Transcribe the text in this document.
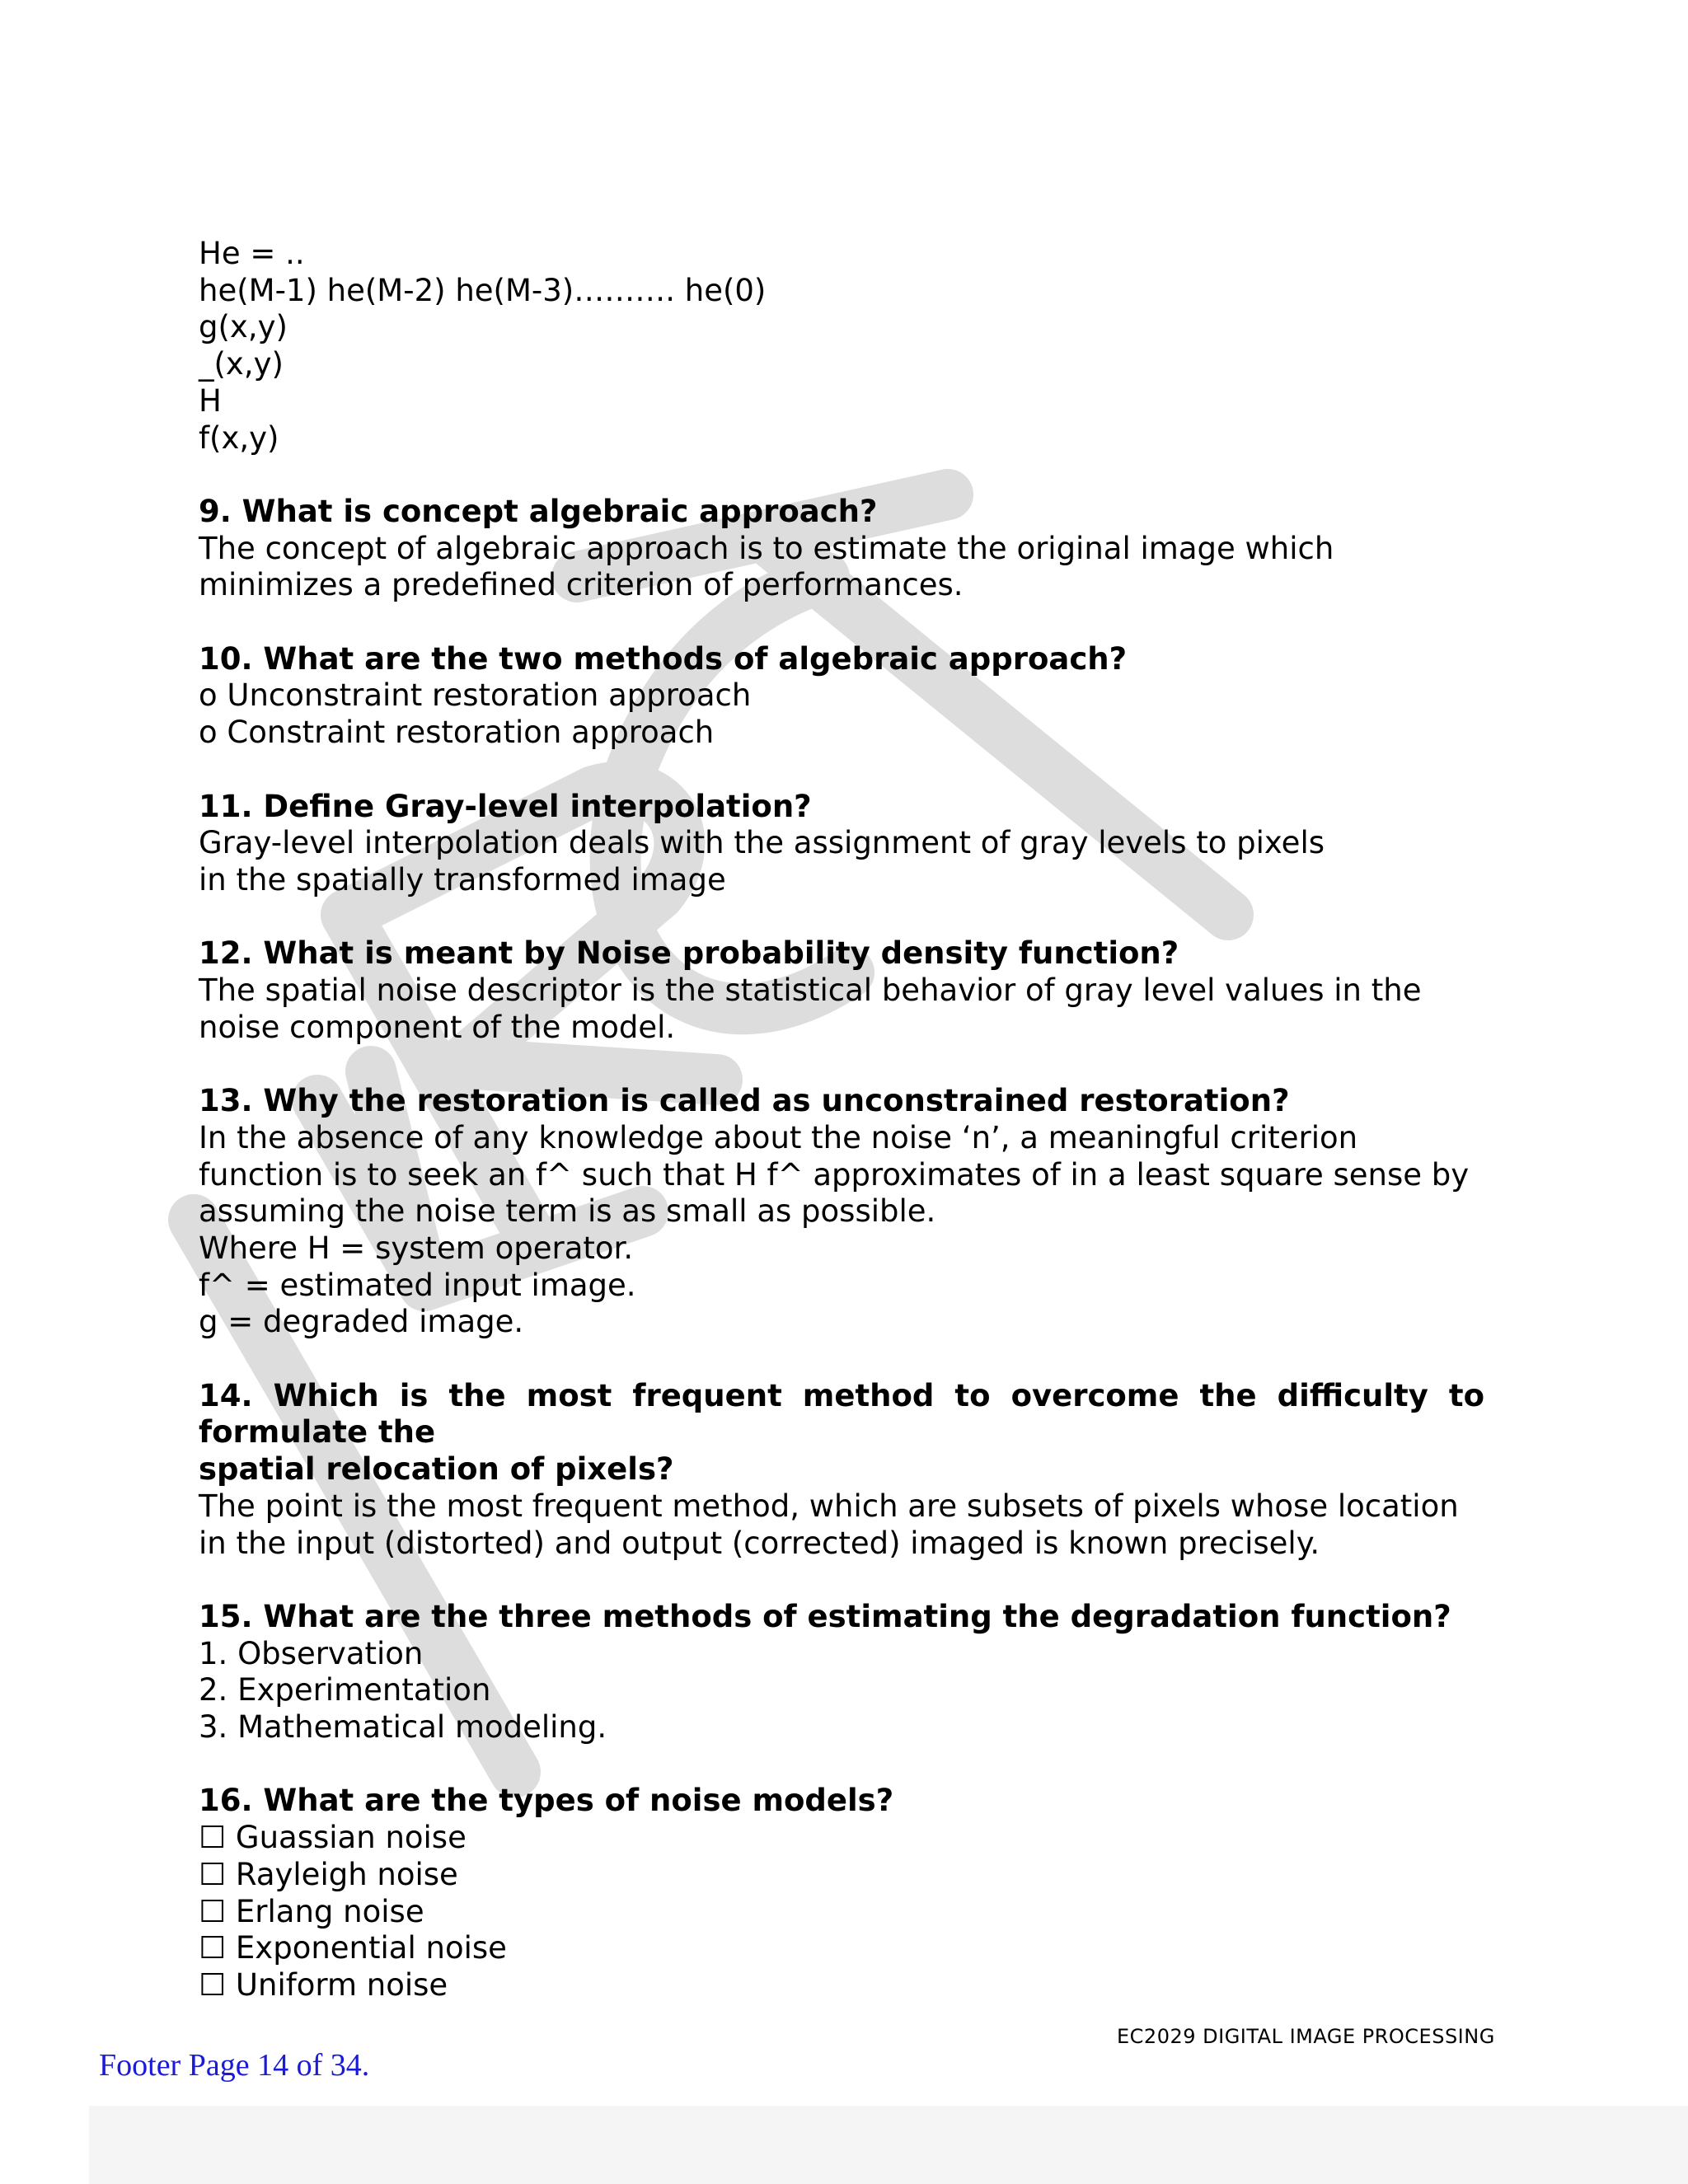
He = ..
he(M-1) he(M-2) he(M-3)………. he(0)
g(x,y)
_(x,y)
H
f(x,y)
9. What is concept algebraic approach?
The concept of algebraic approach is to estimate the original image which
minimizes a predefined criterion of performances.
10. What are the two methods of algebraic approach?
o Unconstraint restoration approach
o Constraint restoration approach
11. Define Gray-level interpolation?
Gray-level interpolation deals with the assignment of gray levels to pixels
in the spatially transformed image
12. What is meant by Noise probability density function?
The spatial noise descriptor is the statistical behavior of gray level values in the
noise component of the model.
13. Why the restoration is called as unconstrained restoration?
In the absence of any knowledge about the noise ‘n’, a meaningful criterion
function is to seek an f^ such that H f^ approximates of in a least square sense by
assuming the noise term is as small as possible.
Where H = system operator.
f^ = estimated input image.
g = degraded image.
14. Which is the most frequent method to overcome the difficulty to formulate the
spatial relocation of pixels?
The point is the most frequent method, which are subsets of pixels whose location
in the input (distorted) and output (corrected) imaged is known precisely.
15. What are the three methods of estimating the degradation function?
1. Observation
2. Experimentation
3. Mathematical modeling.
16. What are the types of noise models?
☐ Guassian noise
☐ Rayleigh noise
☐ Erlang noise
☐ Exponential noise
☐ Uniform noise
EC2029 DIGITAL IMAGE PROCESSING
Footer Page 14 of 34.
